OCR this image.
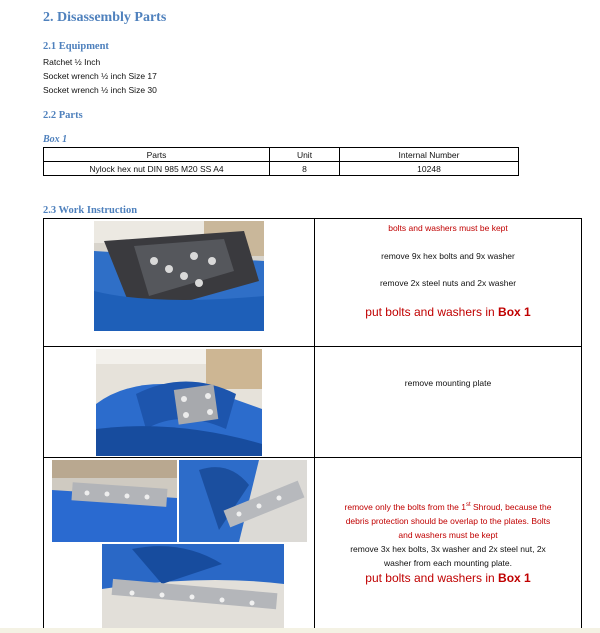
2. Disassembly Parts
2.1 Equipment
Ratchet ½ Inch
Socket wrench ½ inch Size 17
Socket wrench ½ inch Size 30
2.2 Parts
Box 1
Parts	Unit	Internal Number
Nylock hex nut DIN 985 M20 SS A4	8	10248
2.3 Work Instruction
bolts and washers must be kept
remove 9x hex bolts and 9x washer
remove 2x steel nuts and 2x washer
put bolts and washers in Box 1
remove mounting plate
remove only the bolts from the 1st Shroud, because the
debris protection should be overlap to the plates. Bolts
and washers must be kept
remove 3x hex bolts, 3x washer and 2x steel nut, 2x
washer from each mounting plate.
put bolts and washers in Box 1
